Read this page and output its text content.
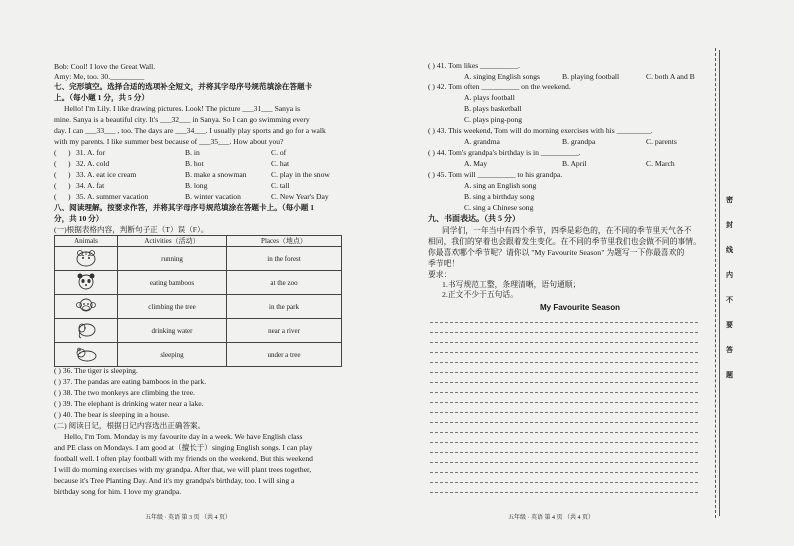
Bob: Cool! I love the Great Wall.
Amy: Me, too. 30._________
七、完形填空。选择合适的选项补全短文，并将其字母序号规范填涂在答题卡
上。（每小题 1 分，共 5 分）
Hello! I'm Lily. I like drawing pictures. Look! The picture ___31___ Sanya is
mine. Sanya is a beautiful city. It's ___32___ in Sanya. So I can go swimming every
day. I can ___33___ , too. The days are ___34___. I usually play sports and go for a walk
with my parents. I like summer best because of ___35___. How about you?
( ) 31. A. for	B. in	C. of
( ) 32. A. cold	B. hot	C. hat
( ) 33. A. eat ice cream	B. make a snowman	C. play in the snow
( ) 34. A. fat	B. long	C. tall
( ) 35. A. summer vacation	B. winter vacation	C. New Year's Day
八、阅读理解。按要求作答，并将其字母序号规范填涂在答题卡上。（每小题 1
分，共 10 分）
(一)根据表格内容，判断句子正（T）误（F）。
Animals	Activities（活动）	Places（地点）
	running	in the forest
	eating bamboos	at the zoo
	climbing the tree	in the park
	drinking water	near a river
	sleeping	under a tree
( ) 36. The tiger is sleeping.
( ) 37. The pandas are eating bamboos in the park.
( ) 38. The two monkeys are climbing the tree.
( ) 39. The elephant is drinking water near a lake.
( ) 40. The bear is sleeping in a house.
(二) 阅读日记，根据日记内容选出正确答案。
Hello, I'm Tom. Monday is my favourite day in a week. We have English class
and PE class on Mondays. I am good at（擅长于）singing English songs. I can play
football well. I often play football with my friends on the weekend. But this weekend
I will do morning exercises with my grandpa. After that, we will plant trees together,
because it's Tree Planting Day. And it's my grandpa's birthday, too. I will sing a
birthday song for him. I love my grandpa.
五年级 · 英语 第 3 页 （共 4 页）
( ) 41. Tom likes __________.
A. singing English songs	B. playing football	C. both A and B
( ) 42. Tom often __________ on the weekend.
A. plays football
B. plays basketball
C. plays ping-pong
( ) 43. This weekend, Tom will do morning exercises with his _________.
A. grandma	B. grandpa	C. parents
( ) 44. Tom's grandpa's birthday is in __________.
A. May	B. April	C. March
( ) 45. Tom will __________ to his grandpa.
A. sing an English song
B. sing a birthday song
C. sing a Chinese song
九、书面表达。（共 5 分）
同学们，一年当中有四个季节，四季是彩色的，在不同的季节里天气各不
相同，我们的穿着也会跟着发生变化。在不同的季节里我们也会做不同的事情。
你最喜欢哪个季节呢？请你以 "My Favourite Season" 为题写一下你最喜欢的
季节吧！
要求：
1.书写规范工整，条理清晰，语句通顺；
2.正文不少于五句话。
My Favourite Season
五年级 · 英语 第 4 页 （共 4 页）
密
封
线
内
不
要
答
题
